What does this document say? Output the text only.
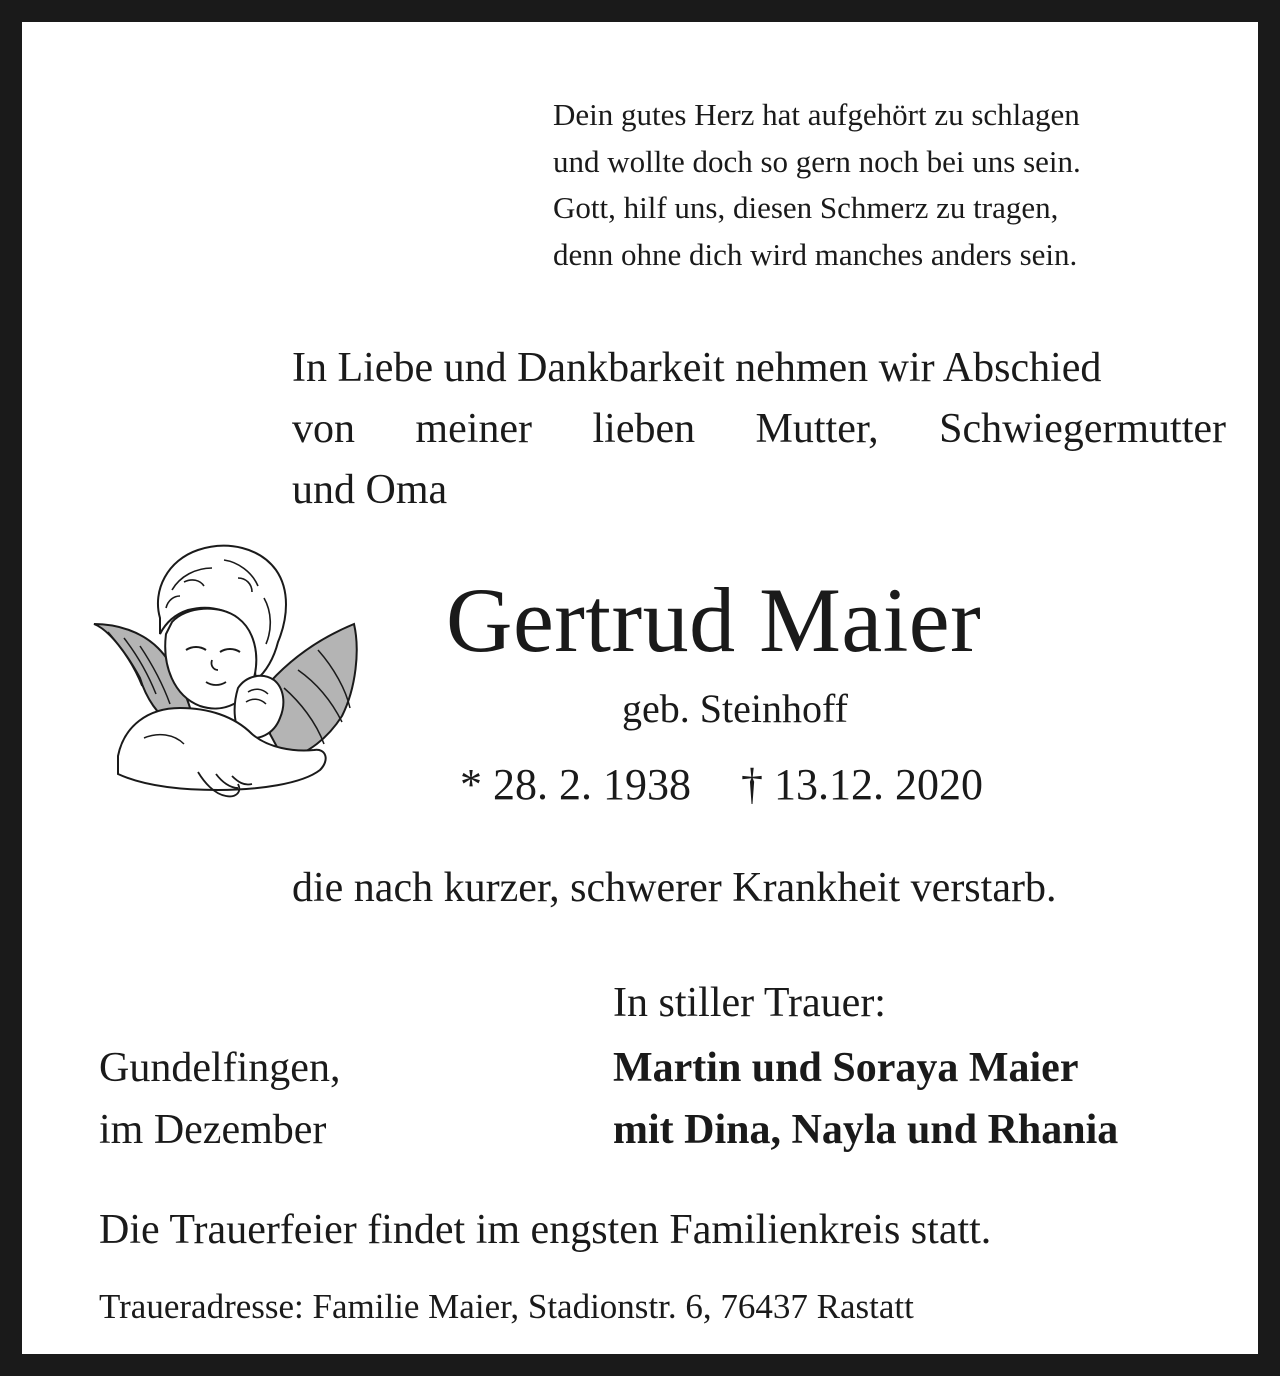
Dein gutes Herz hat aufgehört zu schlagen
und wollte doch so gern noch bei uns sein.
Gott, hilf uns, diesen Schmerz zu tragen,
denn ohne dich wird manches anders sein.
In Liebe und Dankbarkeit nehmen wir Abschied
von meiner lieben Mutter, Schwiegermutter
und Oma
Gertrud Maier
geb. Steinhoff
* 28. 2. 1938 † 13.12. 2020
die nach kurzer, schwerer Krankheit verstarb.
In stiller Trauer:
Gundelfingen,
im Dezember
Martin und Soraya Maier
mit Dina, Nayla und Rhania
Die Trauerfeier findet im engsten Familienkreis statt.
Traueradresse: Familie Maier, Stadionstr. 6, 76437 Rastatt
